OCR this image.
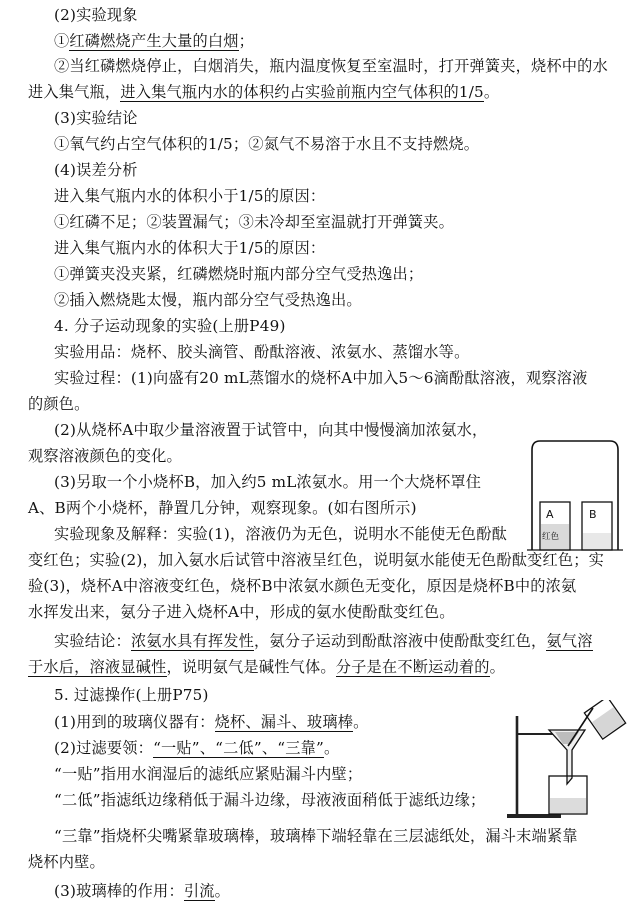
(2)实验现象
①红磷燃烧产生大量的白烟；
②当红磷燃烧停止，白烟消失，瓶内温度恢复至室温时，打开弹簧夹，烧杯中的水
进入集气瓶，进入集气瓶内水的体积约占实验前瓶内空气体积的1/5。
(3)实验结论
①氧气约占空气体积的1/5；②氮气不易溶于水且不支持燃烧。
(4)误差分析
进入集气瓶内水的体积小于1/5的原因：
①红磷不足；②装置漏气；③未冷却至室温就打开弹簧夹。
进入集气瓶内水的体积大于1/5的原因：
①弹簧夹没夹紧，红磷燃烧时瓶内部分空气受热逸出；
②插入燃烧匙太慢，瓶内部分空气受热逸出。
4. 分子运动现象的实验(上册P49)
实验用品：烧杯、胶头滴管、酚酞溶液、浓氨水、蒸馏水等。
实验过程：(1)向盛有20 mL蒸馏水的烧杯A中加入5～6滴酚酞溶液，观察溶液
的颜色。
(2)从烧杯A中取少量溶液置于试管中，向其中慢慢滴加浓氨水，
观察溶液颜色的变化。
(3)另取一个小烧杯B，加入约5 mL浓氨水。用一个大烧杯罩住
A、B两个小烧杯，静置几分钟，观察现象。(如右图所示)
实验现象及解释：实验(1)，溶液仍为无色，说明水不能使无色酚酞
变红色；实验(2)，加入氨水后试管中溶液呈红色，说明氨水能使无色酚酞变红色；实
验(3)，烧杯A中溶液变红色，烧杯B中浓氨水颜色无变化，原因是烧杯B中的浓氨
水挥发出来，氨分子进入烧杯A中，形成的氨水使酚酞变红色。
实验结论：浓氨水具有挥发性，氨分子运动到酚酞溶液中使酚酞变红色，氨气溶
于水后，溶液显碱性，说明氨气是碱性气体。分子是在不断运动着的。
5. 过滤操作(上册P75)
(1)用到的玻璃仪器有：烧杯、漏斗、玻璃棒。
(2)过滤要领：“一贴”、“二低”、“三靠”。
“一贴”指用水润湿后的滤纸应紧贴漏斗内壁；
“二低”指滤纸边缘稍低于漏斗边缘，母液液面稍低于滤纸边缘；
“三靠”指烧杯尖嘴紧靠玻璃棒，玻璃棒下端轻靠在三层滤纸处，漏斗末端紧靠
烧杯内壁。
(3)玻璃棒的作用：引流。
A	B
红色
